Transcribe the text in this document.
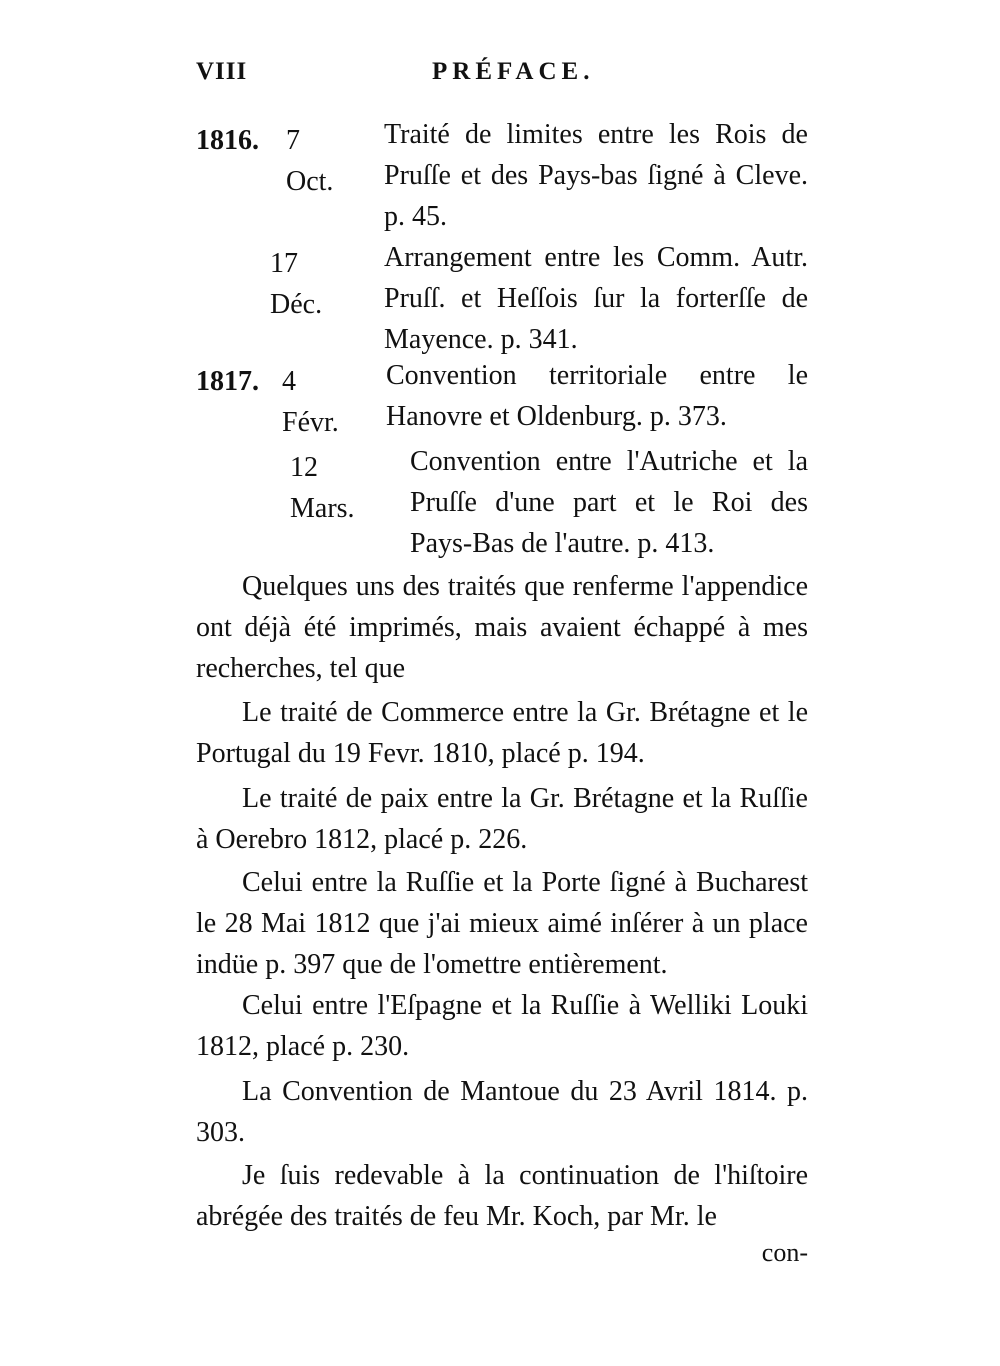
VIII	PRÉFACE.
1816. 7 Oct.
Traité de limites entre les Rois de Pruſſe et des Pays-bas ſigné à Cleve. p. 45.
17 Déc.
Arrangement entre les Comm. Autr. Pruſſ. et Heſſois ſur la forterſſe de Mayence. p. 341.
1817. 4 Févr.
Convention territoriale entre le Hanovre et Oldenburg. p. 373.
12 Mars.
Convention entre l'Autriche et la Pruſſe d'une part et le Roi des Pays-Bas de l'autre. p. 413.
Quelques uns des traités que renferme l'appendice ont déjà été imprimés, mais avaient échappé à mes recherches, tel que
Le traité de Commerce entre la Gr. Brétagne et le Portugal du 19 Fevr. 1810, placé p. 194.
Le traité de paix entre la Gr. Brétagne et la Ruſſie à Oerebro 1812, placé p. 226.
Celui entre la Ruſſie et la Porte ſigné à Bucharest le 28 Mai 1812 que j'ai mieux aimé inſérer à un place indüe p. 397 que de l'omettre entièrement.
Celui entre l'Eſpagne et la Ruſſie à Welliki Louki 1812, placé p. 230.
La Convention de Mantoue du 23 Avril 1814. p. 303.
Je ſuis redevable à la continuation de l'hiſtoire abrégée des traités de feu Mr. Koch, par Mr. le
con-
